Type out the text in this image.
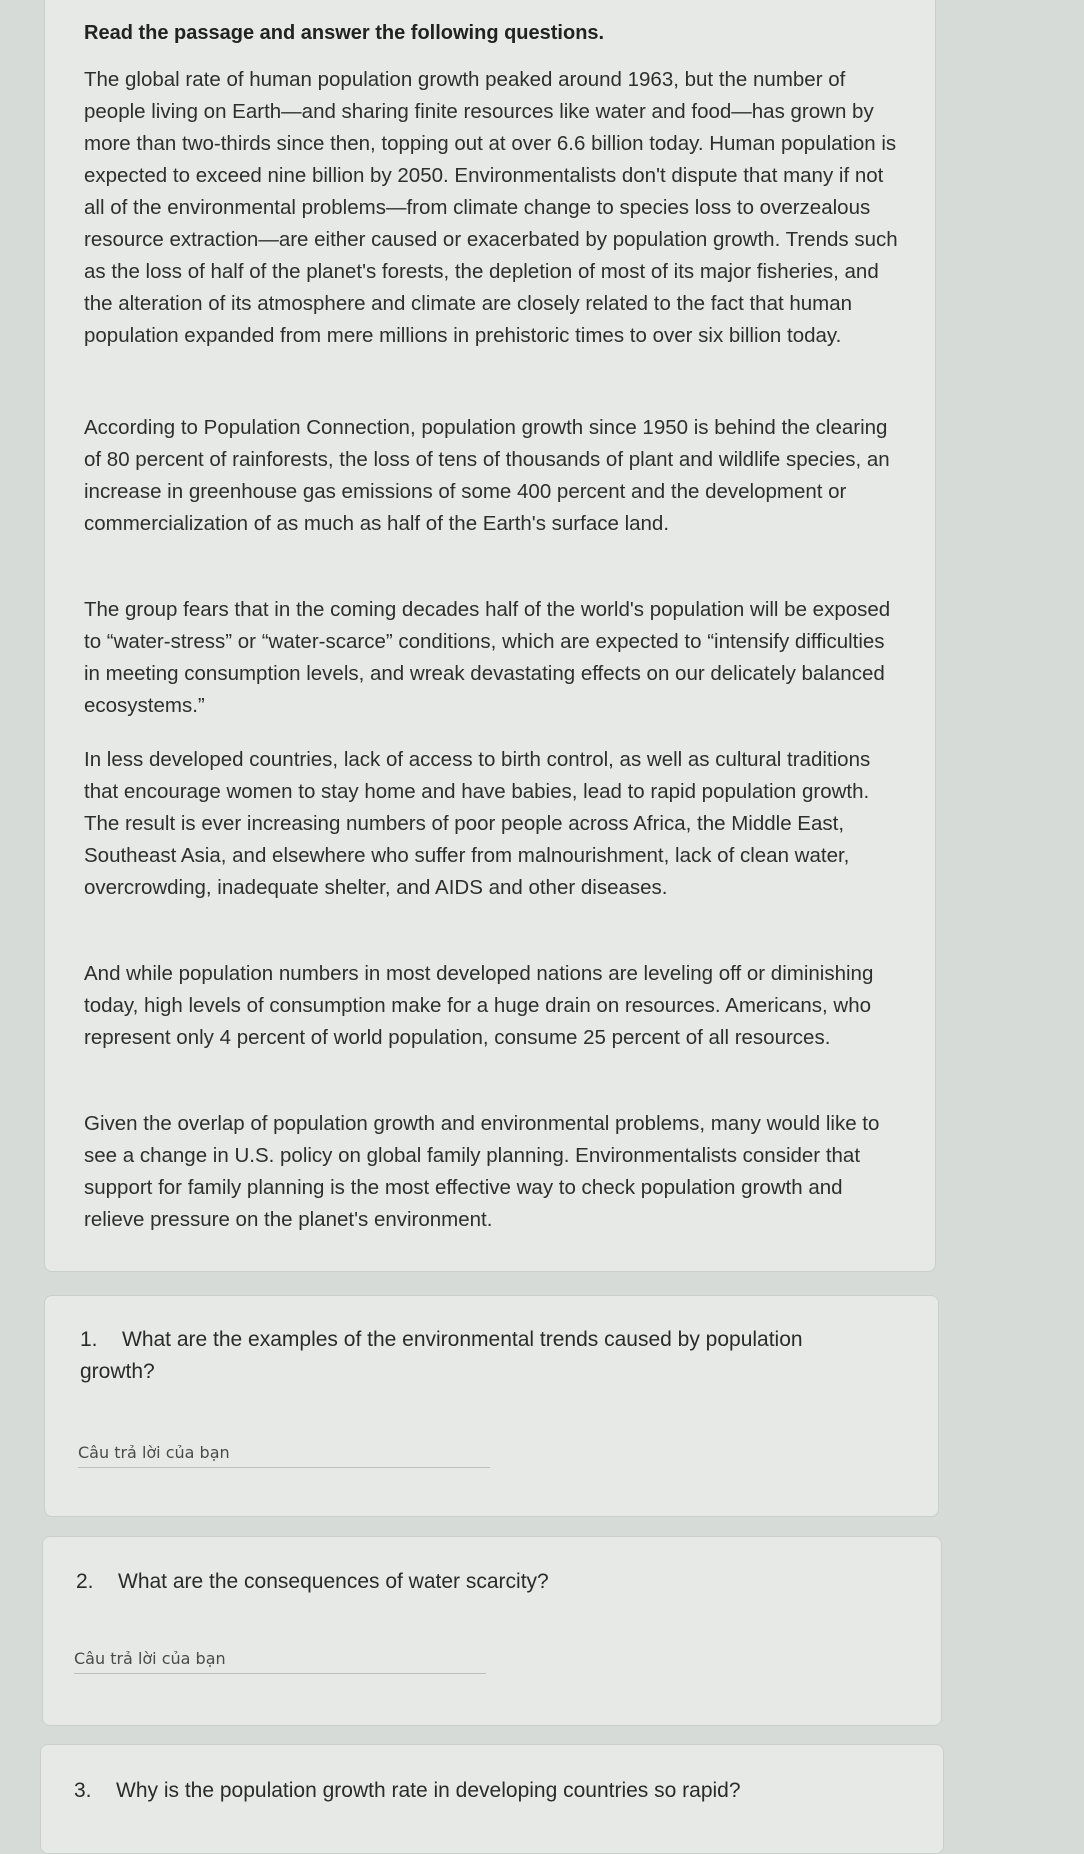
Read the passage and answer the following questions.

The global rate of human population growth peaked around 1963, but the number of people living on Earth—and sharing finite resources like water and food—has grown by more than two-thirds since then, topping out at over 6.6 billion today. Human population is expected to exceed nine billion by 2050. Environmentalists don't dispute that many if not all of the environmental problems—from climate change to species loss to overzealous resource extraction—are either caused or exacerbated by population growth. Trends such as the loss of half of the planet's forests, the depletion of most of its major fisheries, and the alteration of its atmosphere and climate are closely related to the fact that human population expanded from mere millions in prehistoric times to over six billion today.

According to Population Connection, population growth since 1950 is behind the clearing of 80 percent of rainforests, the loss of tens of thousands of plant and wildlife species, an increase in greenhouse gas emissions of some 400 percent and the development or commercialization of as much as half of the Earth's surface land.

The group fears that in the coming decades half of the world's population will be exposed to “water-stress” or “water-scarce” conditions, which are expected to “intensify difficulties in meeting consumption levels, and wreak devastating effects on our delicately balanced ecosystems.”

In less developed countries, lack of access to birth control, as well as cultural traditions that encourage women to stay home and have babies, lead to rapid population growth. The result is ever increasing numbers of poor people across Africa, the Middle East, Southeast Asia, and elsewhere who suffer from malnourishment, lack of clean water, overcrowding, inadequate shelter, and AIDS and other diseases.

And while population numbers in most developed nations are leveling off or diminishing today, high levels of consumption make for a huge drain on resources. Americans, who represent only 4 percent of world population, consume 25 percent of all resources.

Given the overlap of population growth and environmental problems, many would like to see a change in U.S. policy on global family planning. Environmentalists consider that support for family planning is the most effective way to check population growth and relieve pressure on the planet's environment.

1. What are the examples of the environmental trends caused by population growth?

Câu trả lời của bạn

2. What are the consequences of water scarcity?

Câu trả lời của bạn

3. Why is the population growth rate in developing countries so rapid?
